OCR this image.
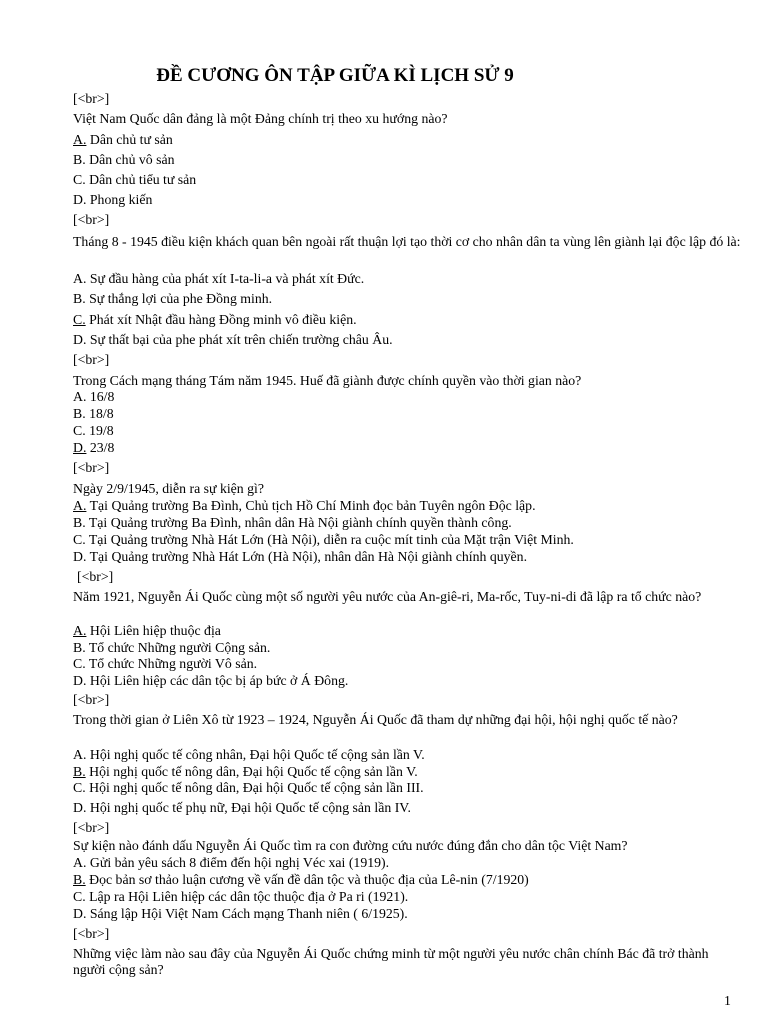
ĐỀ CƯƠNG ÔN TẬP GIỮA KÌ LỊCH SỬ 9
[<br>]
Việt Nam Quốc dân đảng là một Đảng chính trị theo xu hướng nào?
A. Dân chủ tư sản
B. Dân chủ vô sản
C. Dân chủ tiểu tư sản
D. Phong kiến
[<br>]
Tháng 8 - 1945 điều kiện khách quan bên ngoài rất thuận lợi tạo thời cơ cho nhân dân ta vùng lên giành lại độc lập đó là:
A. Sự đầu hàng của phát xít I-ta-li-a và phát xít Đức.
B. Sự thắng lợi của phe Đồng minh.
C. Phát xít Nhật đầu hàng Đồng minh vô điều kiện.
D. Sự thất bại của phe phát xít trên chiến trường châu Âu.
[<br>]
Trong Cách mạng tháng Tám năm 1945. Huế đã giành được chính quyền vào thời gian nào?
A. 16/8
B. 18/8
C. 19/8
D. 23/8
[<br>]
Ngày 2/9/1945, diễn ra sự kiện gì?
A. Tại Quảng trường Ba Đình, Chủ tịch Hồ Chí Minh đọc bản Tuyên ngôn Độc lập.
B. Tại Quảng trường Ba Đình, nhân dân Hà Nội giành chính quyền thành công.
C. Tại Quảng trường Nhà Hát Lớn (Hà Nội), diễn ra cuộc mít tinh của Mặt trận Việt Minh.
D. Tại Quảng trường Nhà Hát Lớn (Hà Nội), nhân dân Hà Nội giành chính quyền.
[<br>]
Năm 1921, Nguyễn Ái Quốc cùng một số người yêu nước của An-giê-ri, Ma-rốc, Tuy-ni-di đã lập ra tổ chức nào?
A. Hội Liên hiệp thuộc địa
B. Tổ chức Những người Cộng sản.
C. Tổ chức Những người Vô sản.
D. Hội Liên hiệp các dân tộc bị áp bức ở Á Đông.
[<br>]
Trong thời gian ở Liên Xô từ 1923 – 1924, Nguyễn Ái Quốc đã tham dự những đại hội, hội nghị quốc tế nào?
A. Hội nghị quốc tế công nhân, Đại hội Quốc tế cộng sản lần V.
B. Hội nghị quốc tế nông dân, Đại hội Quốc tế cộng sản lần V.
C. Hội nghị quốc tế nông dân, Đại hội Quốc tế cộng sản lần III.
D. Hội nghị quốc tế phụ nữ, Đại hội Quốc tế cộng sản lần IV.
[<br>]
Sự kiện nào đánh dấu Nguyễn Ái Quốc tìm ra con đường cứu nước đúng đắn cho dân tộc Việt Nam?
A. Gửi bản yêu sách 8 điểm đến hội nghị Véc xai (1919).
B. Đọc bản sơ thảo luận cương về vấn đề dân tộc và thuộc địa của Lê-nin (7/1920)
C. Lập ra Hội Liên hiệp các dân tộc thuộc địa ở Pa ri (1921).
D. Sáng lập Hội Việt Nam Cách mạng Thanh niên ( 6/1925).
[<br>]
Những việc làm nào sau đây của Nguyễn Ái Quốc chứng minh từ một người yêu nước chân chính Bác đã trở thành người cộng sản?
1
